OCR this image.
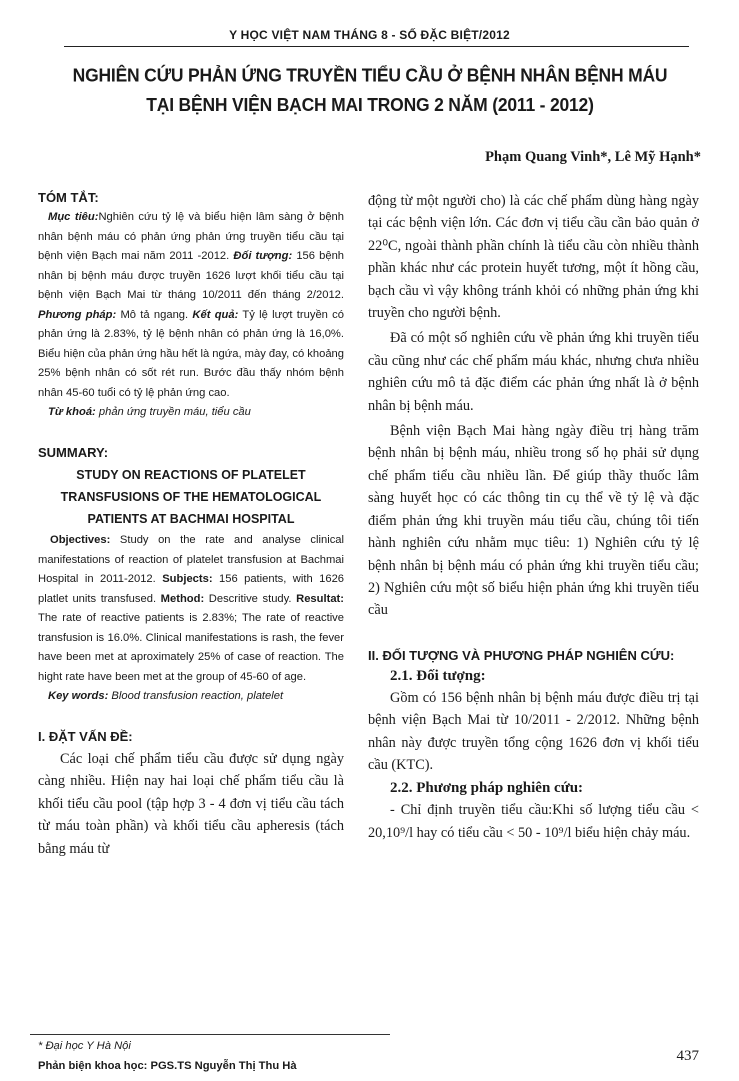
Y HỌC VIỆT NAM THÁNG 8 - SỐ ĐẶC BIỆT/2012
NGHIÊN CỨU PHẢN ỨNG TRUYỀN TIỂU CẦU Ở BỆNH NHÂN BỆNH MÁU
TẠI BỆNH VIỆN BẠCH MAI TRONG 2 NĂM (2011 - 2012)
Phạm Quang Vinh*, Lê Mỹ Hạnh*
TÓM TẮT:
Mục tiêu:Nghiên cứu tỷ lệ và biểu hiện lâm sàng ở bệnh nhân bệnh máu có phản ứng phản ứng truyền tiểu cầu tại bệnh viện Bạch mai năm 2011 -2012. Đối tượng: 156 bệnh nhân bị bệnh máu được truyền 1626 lượt khối tiểu cầu tại bệnh viện Bạch Mai từ tháng 10/2011 đến tháng 2/2012. Phương pháp: Mô tả ngang. Kết quả: Tỷ lệ lượt truyền có phản ứng là 2.83%, tỷ lệ bệnh nhân có phản ứng là 16,0%. Biểu hiện của phản ứng hầu hết là ngứa, mày đay, có khoảng 25% bệnh nhân có sốt rét run. Bước đầu thấy nhóm bệnh nhân 45-60 tuổi có tỷ lệ phản ứng cao.
Từ khoá: phản ứng truyền máu, tiểu cầu
SUMMARY:
STUDY ON REACTIONS OF PLATELET
TRANSFUSIONS OF THE HEMATOLOGICAL
PATIENTS AT BACHMAI HOSPITAL
Objectives: Study on the rate and analyse clinical manifestations of reaction of platelet transfusion at Bachmai Hospital in 2011-2012. Subjects: 156 patients, with 1626 platlet units transfused. Method: Descritive study. Resultat: The rate of reactive patients is 2.83%; The rate of reactive transfusion is 16.0%. Clinical manifestations is rash, the fever have been met at aproximately 25% of case of reaction. The hight rate have been met at the group of 45-60 of age.
Key words: Blood transfusion reaction, platelet
I. ĐẶT VẤN ĐỀ:

Các loại chế phẩm tiểu cầu được sử dụng ngày càng nhiều. Hiện nay hai loại chế phẩm tiểu cầu là khối tiểu cầu pool (tập hợp 3 - 4 đơn vị tiểu cầu tách từ máu toàn phần) và khối tiểu cầu apheresis (tách bằng máu từ

động từ một người cho) là các chế phẩm dùng hàng ngày tại các bệnh viện lớn. Các đơn vị tiểu cầu cần bảo quản ở 22⁰C, ngoài thành phần chính là tiểu cầu còn nhiều thành phần khác như các protein huyết tương, một ít hồng cầu, bạch cầu vì vậy không tránh khỏi có những phản ứng khi truyền cho người bệnh.

Đã có một số nghiên cứu về phản ứng khi truyền tiểu cầu cũng như các chế phẩm máu khác, nhưng chưa nhiều nghiên cứu mô tả đặc điểm các phản ứng nhất là ở bệnh nhân bị bệnh máu.

Bệnh viện Bạch Mai hàng ngày điều trị hàng trăm bệnh nhân bị bệnh máu, nhiều trong số họ phải sử dụng chế phẩm tiểu cầu nhiều lần. Để giúp thầy thuốc lâm sàng huyết học có các thông tin cụ thể về tỷ lệ và đặc điểm phản ứng khi truyền máu tiểu cầu, chúng tôi tiến hành nghiên cứu nhằm mục tiêu: 1) Nghiên cứu tỷ lệ bệnh nhân bị bệnh máu có phản ứng khi truyền tiểu cầu; 2) Nghiên cứu một số biểu hiện phản ứng khi truyền tiểu cầu

II. ĐỐI TƯỢNG VÀ PHƯƠNG PHÁP NGHIÊN CỨU:
2.1. Đối tượng:

Gồm có 156 bệnh nhân bị bệnh máu được điều trị tại bệnh viện Bạch Mai từ 10/2011 - 2/2012. Những bệnh nhân này được truyền tổng cộng 1626 đơn vị khối tiểu cầu (KTC).

2.2. Phương pháp nghiên cứu:

- Chỉ định truyền tiểu cầu:Khi số lượng tiểu cầu < 20,10⁹/l hay có tiểu cầu < 50 - 10⁹/l biểu hiện chảy máu.

* Đại học Y Hà Nội
Phản biện khoa học: PGS.TS Nguyễn Thị Thu Hà
437
